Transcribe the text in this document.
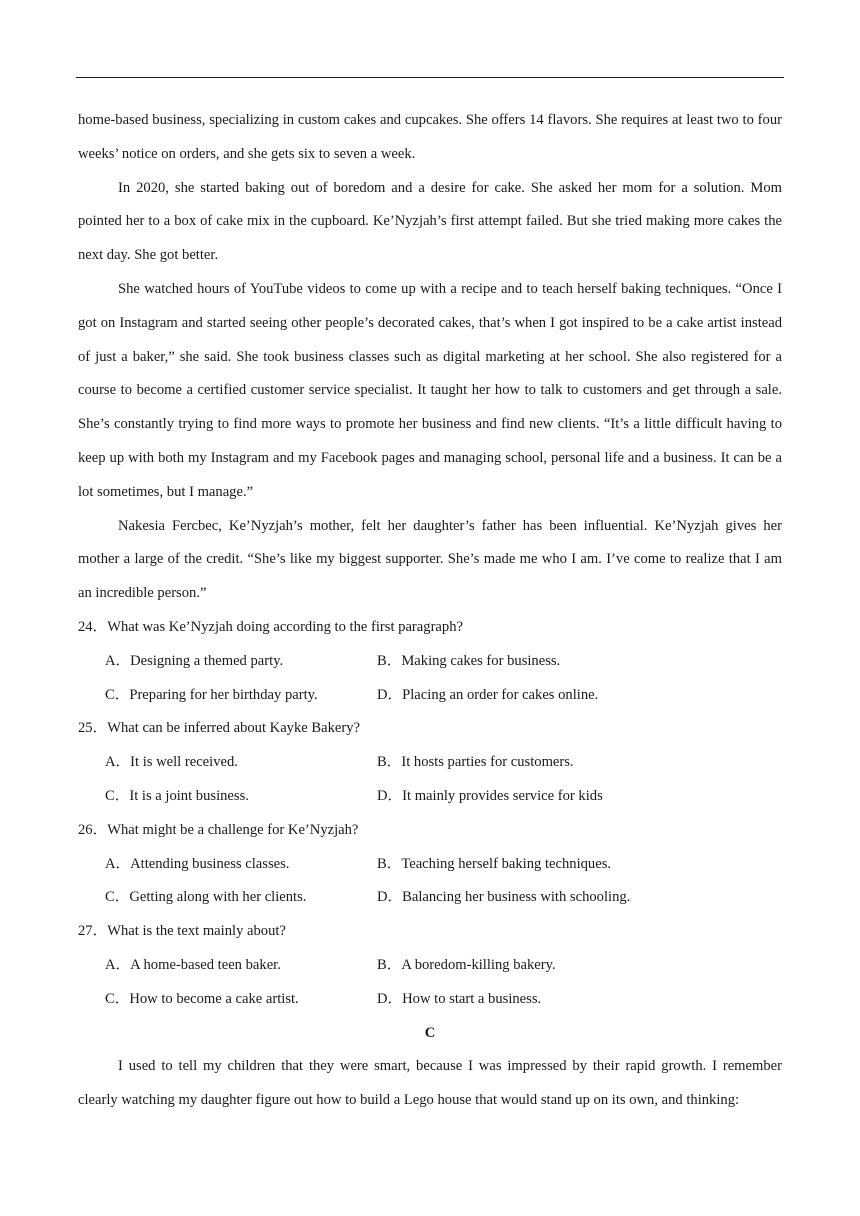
home-based business, specializing in custom cakes and cupcakes. She offers 14 flavors. She requires at least two to four weeks’ notice on orders, and she gets six to seven a week.

In 2020, she started baking out of boredom and a desire for cake. She asked her mom for a solution. Mom pointed her to a box of cake mix in the cupboard. Ke’Nyzjah’s first attempt failed. But she tried making more cakes the next day. She got better.

She watched hours of YouTube videos to come up with a recipe and to teach herself baking techniques. “Once I got on Instagram and started seeing other people’s decorated cakes, that’s when I got inspired to be a cake artist instead of just a baker,” she said. She took business classes such as digital marketing at her school. She also registered for a course to become a certified customer service specialist. It taught her how to talk to customers and get through a sale. She’s constantly trying to find more ways to promote her business and find new clients. “It’s a little difficult having to keep up with both my Instagram and my Facebook pages and managing school, personal life and a business. It can be a lot sometimes, but I manage.”

Nakesia Fercbec, Ke’Nyzjah’s mother, felt her daughter’s father has been influential. Ke’Nyzjah gives her mother a large of the credit. “She’s like my biggest supporter. She’s made me who I am. I’ve come to realize that I am an incredible person.”

24．What was Ke’Nyzjah doing according to the first paragraph?

A．Designing a themed party.	B．Making cakes for business.
C．Preparing for her birthday party.	D．Placing an order for cakes online.

25．What can be inferred about Kayke Bakery?

A．It is well received.	B．It hosts parties for customers.
C．It is a joint business.	D．It mainly provides service for kids

26．What might be a challenge for Ke’Nyzjah?

A．Attending business classes.	B．Teaching herself baking techniques.
C．Getting along with her clients.	D．Balancing her business with schooling.

27．What is the text mainly about?

A．A home-based teen baker.	B．A boredom-killing bakery.
C．How to become a cake artist.	D．How to start a business.

C

I used to tell my children that they were smart, because I was impressed by their rapid growth. I remember clearly watching my daughter figure out how to build a Lego house that would stand up on its own, and thinking:
